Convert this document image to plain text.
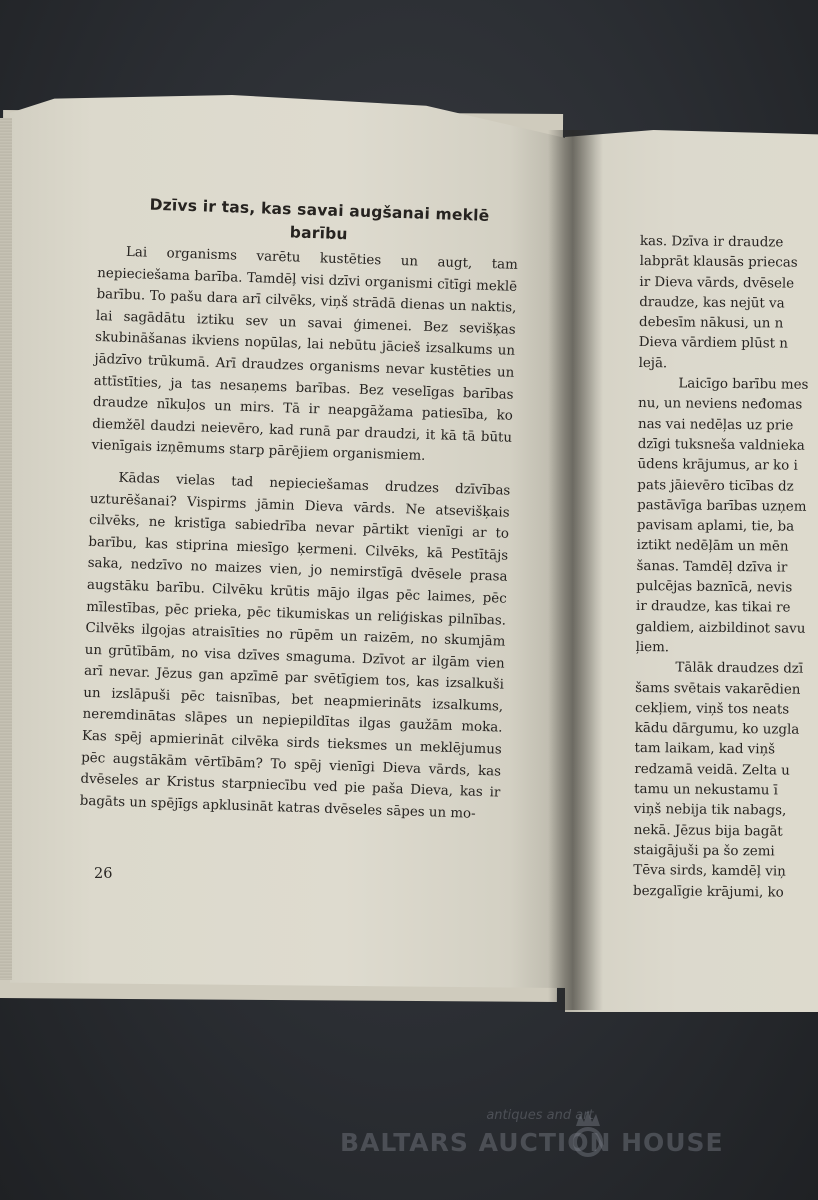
Dzīvs ir tas, kas savai augšanai meklē barību

Lai organisms varētu kustēties un augt, tam nepieciešama barība. Tamdēļ visi dzīvi organismi cītīgi meklē barību. To pašu dara arī cilvēks, viņš strādā dienas un naktis, lai sagādātu iztiku sev un savai ģimenei. Bez sevišķas skubināšanas ikviens nopūlas, lai nebūtu jācieš izsalkums un jādzīvo trūkumā. Arī draudzes organisms nevar kustēties un attīstīties, ja tas nesaņems barības. Bez veselīgas barības draudze nīkuļos un mirs. Tā ir neapgāžama patiesība, ko diemžēl daudzi neievēro, kad runā par draudzi, it kā tā būtu vienīgais izņēmums starp pārējiem organismiem.

Kādas vielas tad nepieciešamas drudzes dzīvības uzturēšanai? Vispirms jāmin Dieva vārds. Ne atsevišķais cilvēks, ne kristīga sabiedrība nevar pārtikt vienīgi ar to barību, kas stiprina miesīgo ķermeni. Cilvēks, kā Pestītājs saka, nedzīvo no maizes vien, jo nemirstīgā dvēsele prasa augstāku barību. Cilvēku krūtis mājo ilgas pēc laimes, pēc mīlestības, pēc prieka, pēc tikumiskas un reliģiskas pilnības. Cilvēks ilgojas atraisīties no rūpēm un raizēm, no skumjām un grūtībām, no visa dzīves smaguma. Dzīvot ar ilgām vien arī nevar. Jēzus gan apzīmē par svētīgiem tos, kas izsalkuši un izslāpuši pēc taisnības, bet neapmierināts izsalkums, neremdinātas slāpes un nepiepildītas ilgas gaužām moka. Kas spēj apmierināt cilvēka sirds tieksmes un meklējumus pēc augstākām vērtībām? To spēj vienīgi Dieva vārds, kas dvēseles ar Kristus starpniecību ved pie paša Dieva, kas ir bagāts un spējīgs apklusināt katras dvēseles sāpes un mo-

26
kas. Dzīva ir draudze
labprāt klausās priecas
ir Dieva vārds, dvēsele
draudze, kas nejūt va
debesīm nākusi, un n
Dieva vārdiem plūst n
lejā.
Laicīgo barību mes
nu, un neviens neđomas
nas vai nedēļas uz prie
dzīgi tuksneša valdnieka
ūdens krājumus, ar ko i
pats jāievēro ticības dz
pastāvīga barības uzņem
pavisam aplami, tie, ba
iztikt nedēļām un mēn
šanas. Tamdēļ dzīva ir
pulcējas baznīcā, nevis
ir draudze, kas tikai re
galdiem, aizbildinot savu
ļiem.
Tālāk draudzes dzī
šams svētais vakarēdien
cekļiem, viņš tos neats
kādu dārgumu, ko uzgla
tam laikam, kad viņš
redzamā veidā. Zelta u
tamu un nekustamu ī
viņš nebija tik nabags,
nekā. Jēzus bija bagāt
staigājuši pa šo zemi
Tēva sirds, kamdēļ viņ
bezgalīgie krājumi, ko
antiques and art
BALTARS AUCTION HOUSE
